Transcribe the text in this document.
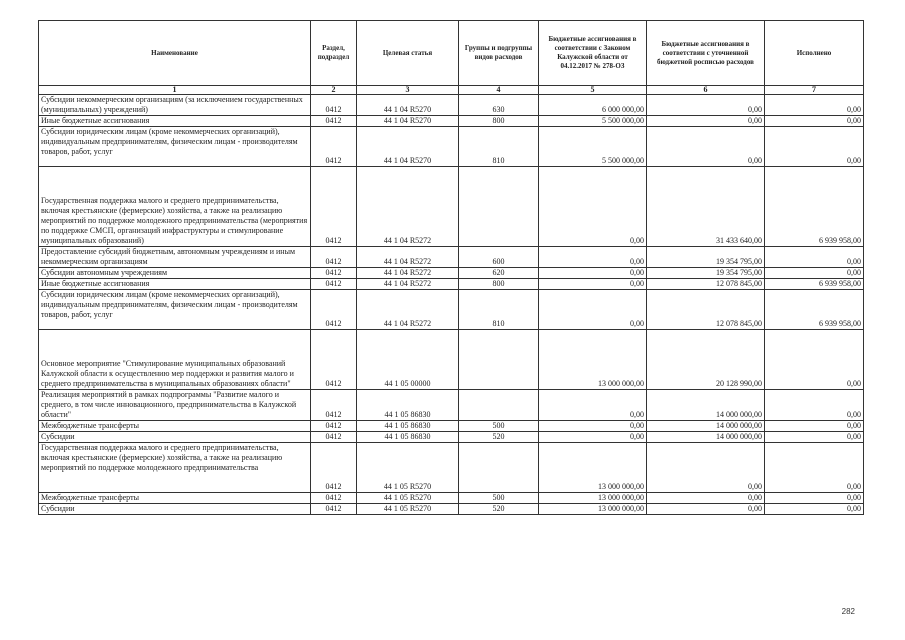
Наименование	Раздел, подраздел	Целевая статья	Группы и подгруппы видов расходов	Бюджетные ассигнования в соответствии с Законом Калужской области от 04.12.2017 № 278-ОЗ	Бюджетные ассигнования в соответствии с уточненной бюджетной росписью расходов	Исполнено
1	2	3	4	5	6	7
Субсидии некоммерческим организациям (за исключением государственных (муниципальных) учреждений)	0412	44 1 04 R5270	630	6 000 000,00	0,00	0,00
Иные бюджетные ассигнования	0412	44 1 04 R5270	800	5 500 000,00	0,00	0,00
Субсидии юридическим лицам (кроме некоммерческих организаций), индивидуальным предпринимателям, физическим лицам - производителям товаров, работ, услуг	0412	44 1 04 R5270	810	5 500 000,00	0,00	0,00
Государственная поддержка малого и среднего предпринимательства, включая крестьянские (фермерские) хозяйства, а также на реализацию мероприятий по поддержке молодежного предпринимательства (мероприятия по поддержке СМСП, организаций инфраструктуры и стимулирование муниципальных образований)	0412	44 1 04 R5272		0,00	31 433 640,00	6 939 958,00
Предоставление субсидий бюджетным, автономным учреждениям и иным некоммерческим организациям	0412	44 1 04 R5272	600	0,00	19 354 795,00	0,00
Субсидии автономным учреждениям	0412	44 1 04 R5272	620	0,00	19 354 795,00	0,00
Иные бюджетные ассигнования	0412	44 1 04 R5272	800	0,00	12 078 845,00	6 939 958,00
Субсидии юридическим лицам (кроме некоммерческих организаций), индивидуальным предпринимателям, физическим лицам - производителям товаров, работ, услуг	0412	44 1 04 R5272	810	0,00	12 078 845,00	6 939 958,00
Основное мероприятие "Стимулирование муниципальных образований Калужской области к осуществлению мер поддержки и развития малого и среднего предпринимательства в муниципальных образованиях области"	0412	44 1 05 00000		13 000 000,00	20 128 990,00	0,00
Реализация мероприятий в рамках подпрограммы "Развитие малого и среднего, в том числе инновационного, предпринимательства в Калужской области"	0412	44 1 05 86830		0,00	14 000 000,00	0,00
Межбюджетные трансферты	0412	44 1 05 86830	500	0,00	14 000 000,00	0,00
Субсидии	0412	44 1 05 86830	520	0,00	14 000 000,00	0,00
Государственная поддержка малого и среднего предпринимательства, включая крестьянские (фермерские) хозяйства, а также на реализацию мероприятий по поддержке молодежного предпринимательства	0412	44 1 05 R5270		13 000 000,00	0,00	0,00
Межбюджетные трансферты	0412	44 1 05 R5270	500	13 000 000,00	0,00	0,00
Субсидии	0412	44 1 05 R5270	520	13 000 000,00	0,00	0,00
282
